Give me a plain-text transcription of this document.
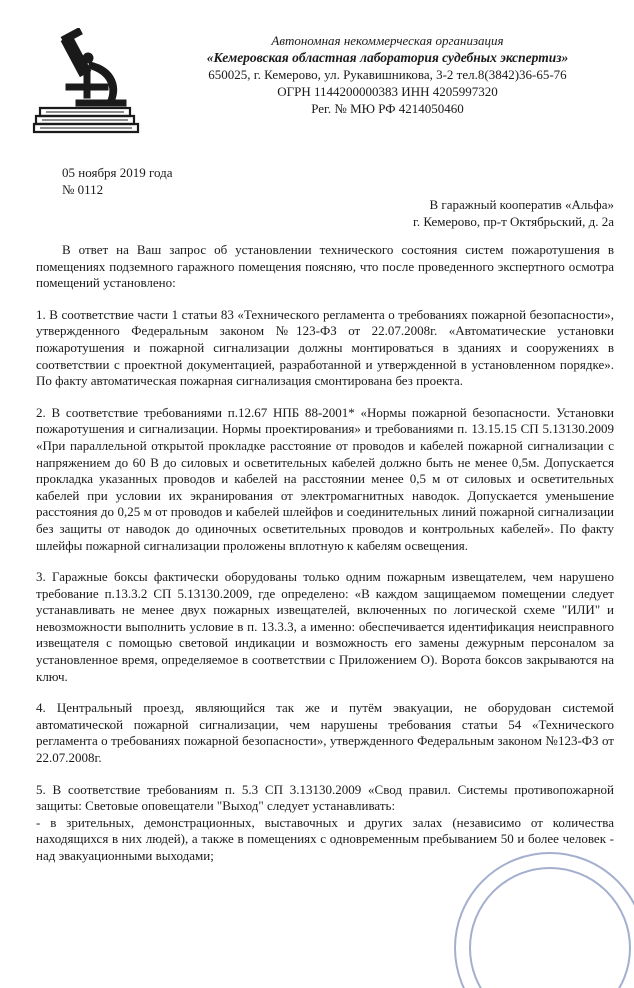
Автономная некоммерческая организация
«Кемеровская областная лаборатория судебных экспертиз»
650025, г. Кемерово, ул. Рукавишникова, 3-2 тел.8(3842)36-65-76
ОГРН 1144200000383 ИНН 4205997320
Рег. № МЮ РФ 4214050460
05 ноября 2019 года
№ 0112
В гаражный кооператив «Альфа»
г. Кемерово, пр-т Октябрьский, д. 2а

В ответ на Ваш запрос об установлении технического состояния систем пожаротушения в помещениях подземного гаражного помещения поясняю, что после проведенного экспертного осмотра помещений установлено:

1. В соответствие части 1 статьи 83 «Технического регламента о требованиях пожарной безопасности», утвержденного Федеральным законом №123-ФЗ от 22.07.2008г. «Автоматические установки пожаротушения и пожарной сигнализации должны монтироваться в зданиях и сооружениях в соответствии с проектной документацией, разработанной и утвержденной в установленном порядке». По факту автоматическая пожарная сигнализация смонтирована без проекта.

2. В соответствие требованиями п.12.67 НПБ 88-2001* «Нормы пожарной безопасности. Установки пожаротушения и сигнализации. Нормы проектирования» и требованиями п. 13.15.15 СП 5.13130.2009 «При параллельной открытой прокладке расстояние от проводов и кабелей пожарной сигнализации с напряжением до 60 В до силовых и осветительных кабелей должно быть не менее 0,5м. Допускается прокладка указанных проводов и кабелей на расстоянии менее 0,5 м от силовых и осветительных кабелей при условии их экранирования от электромагнитных наводок. Допускается уменьшение расстояния до 0,25 м от проводов и кабелей шлейфов и соединительных линий пожарной сигнализации без защиты от наводок до одиночных осветительных проводов и контрольных кабелей». По факту шлейфы пожарной сигнализации проложены вплотную к кабелям освещения.

3. Гаражные боксы фактически оборудованы только одним пожарным извещателем, чем нарушено требование п.13.3.2 СП 5.13130.2009, где определено: «В каждом защищаемом помещении следует устанавливать не менее двух пожарных извещателей, включенных по логической схеме "ИЛИ" и невозможности выполнить условие в п. 13.3.3, а именно: обеспечивается идентификация неисправного извещателя с помощью световой индикации и возможность его замены дежурным персоналом за установленное время, определяемое в соответствии с Приложением О). Ворота боксов закрываются на ключ.

4. Центральный проезд, являющийся так же и путём эвакуации, не оборудован системой автоматической пожарной сигнализации, чем нарушены требования статьи 54 «Технического регламента о требованиях пожарной безопасности», утвержденного Федеральным законом №123-ФЗ от 22.07.2008г.

5. В соответствие требованиям п. 5.3 СП 3.13130.2009 «Свод правил. Системы противопожарной защиты: Световые оповещатели "Выход" следует устанавливать:

- в зрительных, демонстрационных, выставочных и других залах (независимо от количества находящихся в них людей), а также в помещениях с одновременным пребыванием 50 и более человек - над эвакуационными выходами;
